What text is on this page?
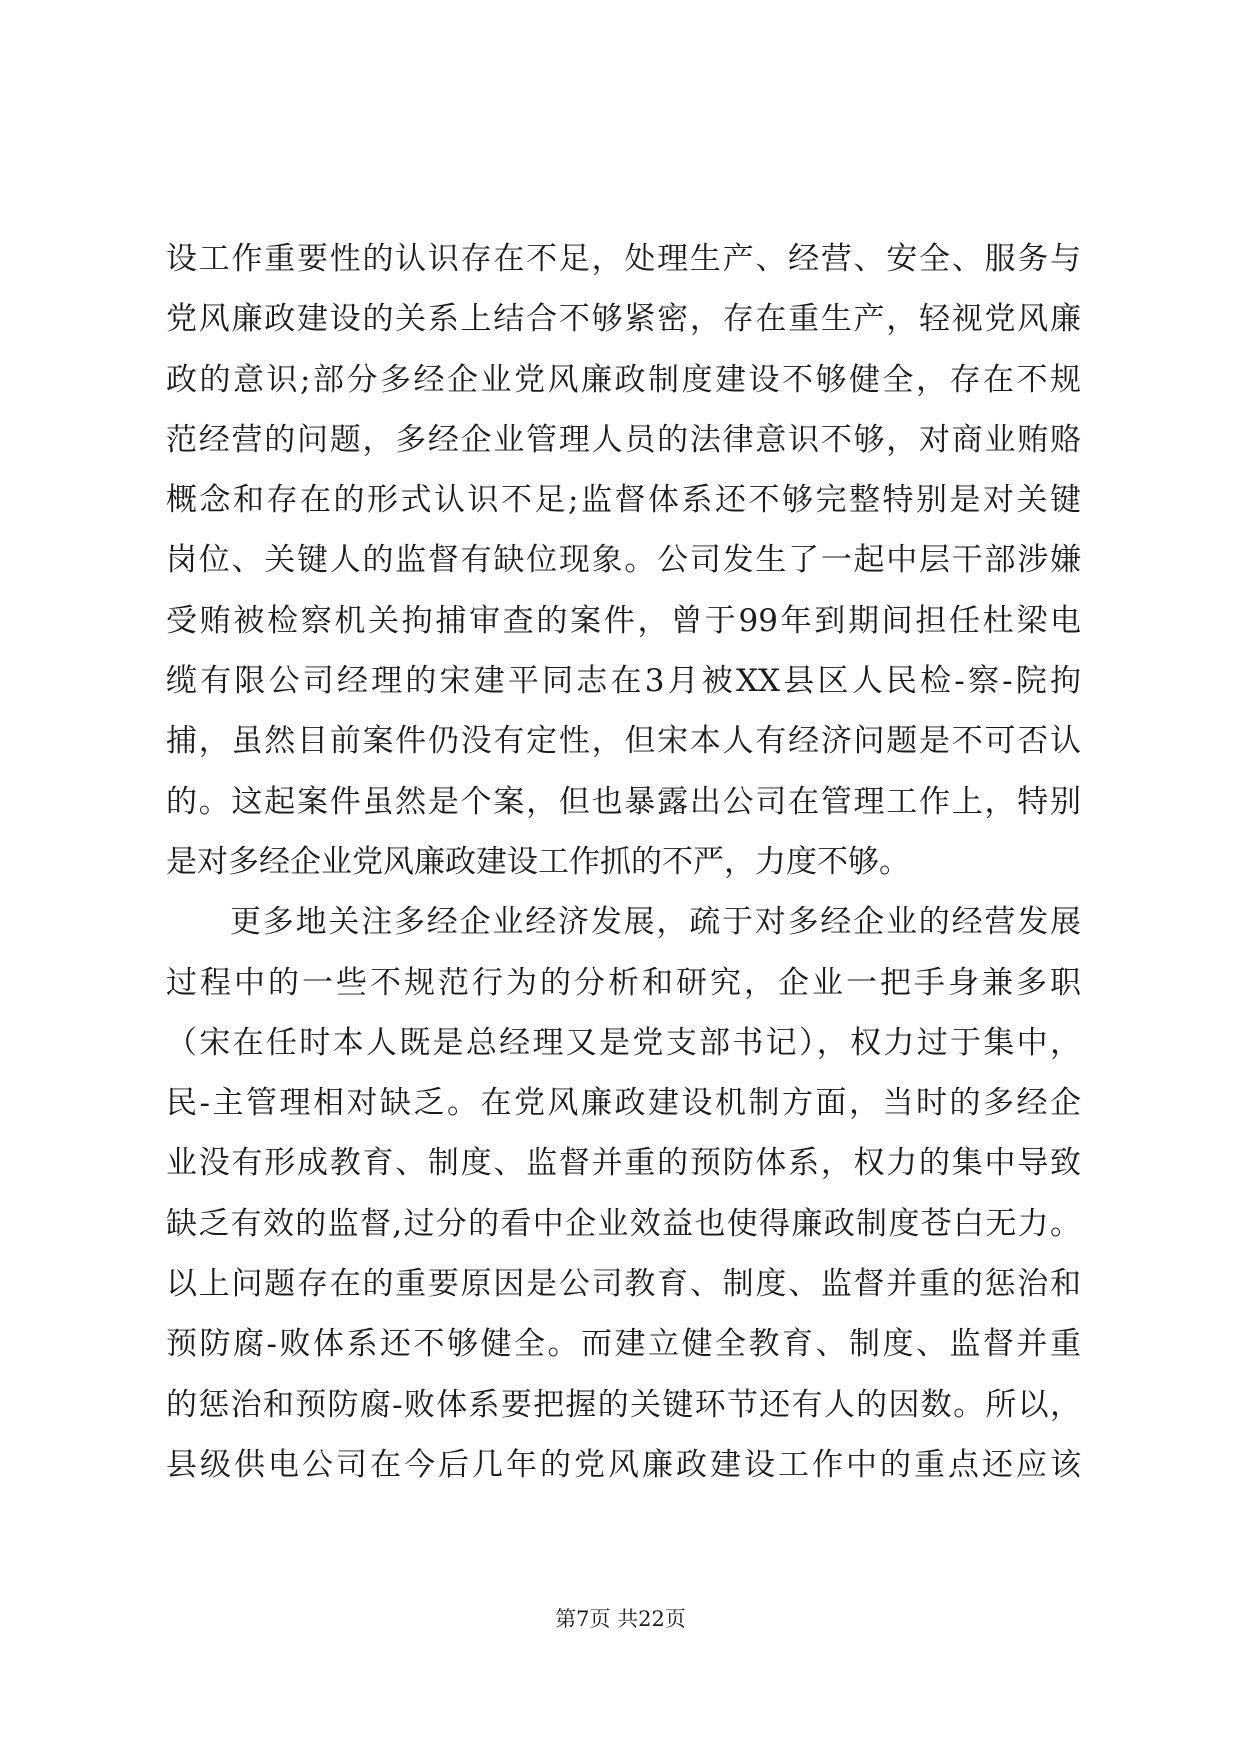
设工作重要性的认识存在不足，处理生产、经营、安全、服务与
党风廉政建设的关系上结合不够紧密，存在重生产，轻视党风廉
政的意识;部分多经企业党风廉政制度建设不够健全，存在不规
范经营的问题，多经企业管理人员的法律意识不够，对商业贿赂
概念和存在的形式认识不足;监督体系还不够完整特别是对关键
岗位、关键人的监督有缺位现象。公司发生了一起中层干部涉嫌
受贿被检察机关拘捕审查的案件，曾于99年到期间担任杜梁电
缆有限公司经理的宋建平同志在3月被XX县区人民检-察-院拘
捕，虽然目前案件仍没有定性，但宋本人有经济问题是不可否认
的。这起案件虽然是个案，但也暴露出公司在管理工作上，特别
是对多经企业党风廉政建设工作抓的不严，力度不够。
更多地关注多经企业经济发展，疏于对多经企业的经营发展
过程中的一些不规范行为的分析和研究，企业一把手身兼多职
（宋在任时本人既是总经理又是党支部书记），权力过于集中，
民-主管理相对缺乏。在党风廉政建设机制方面，当时的多经企
业没有形成教育、制度、监督并重的预防体系，权力的集中导致
缺乏有效的监督,过分的看中企业效益也使得廉政制度苍白无力。
以上问题存在的重要原因是公司教育、制度、监督并重的惩治和
预防腐-败体系还不够健全。而建立健全教育、制度、监督并重
的惩治和预防腐-败体系要把握的关键环节还有人的因数。所以，
县级供电公司在今后几年的党风廉政建设工作中的重点还应该
第7页 共22页
